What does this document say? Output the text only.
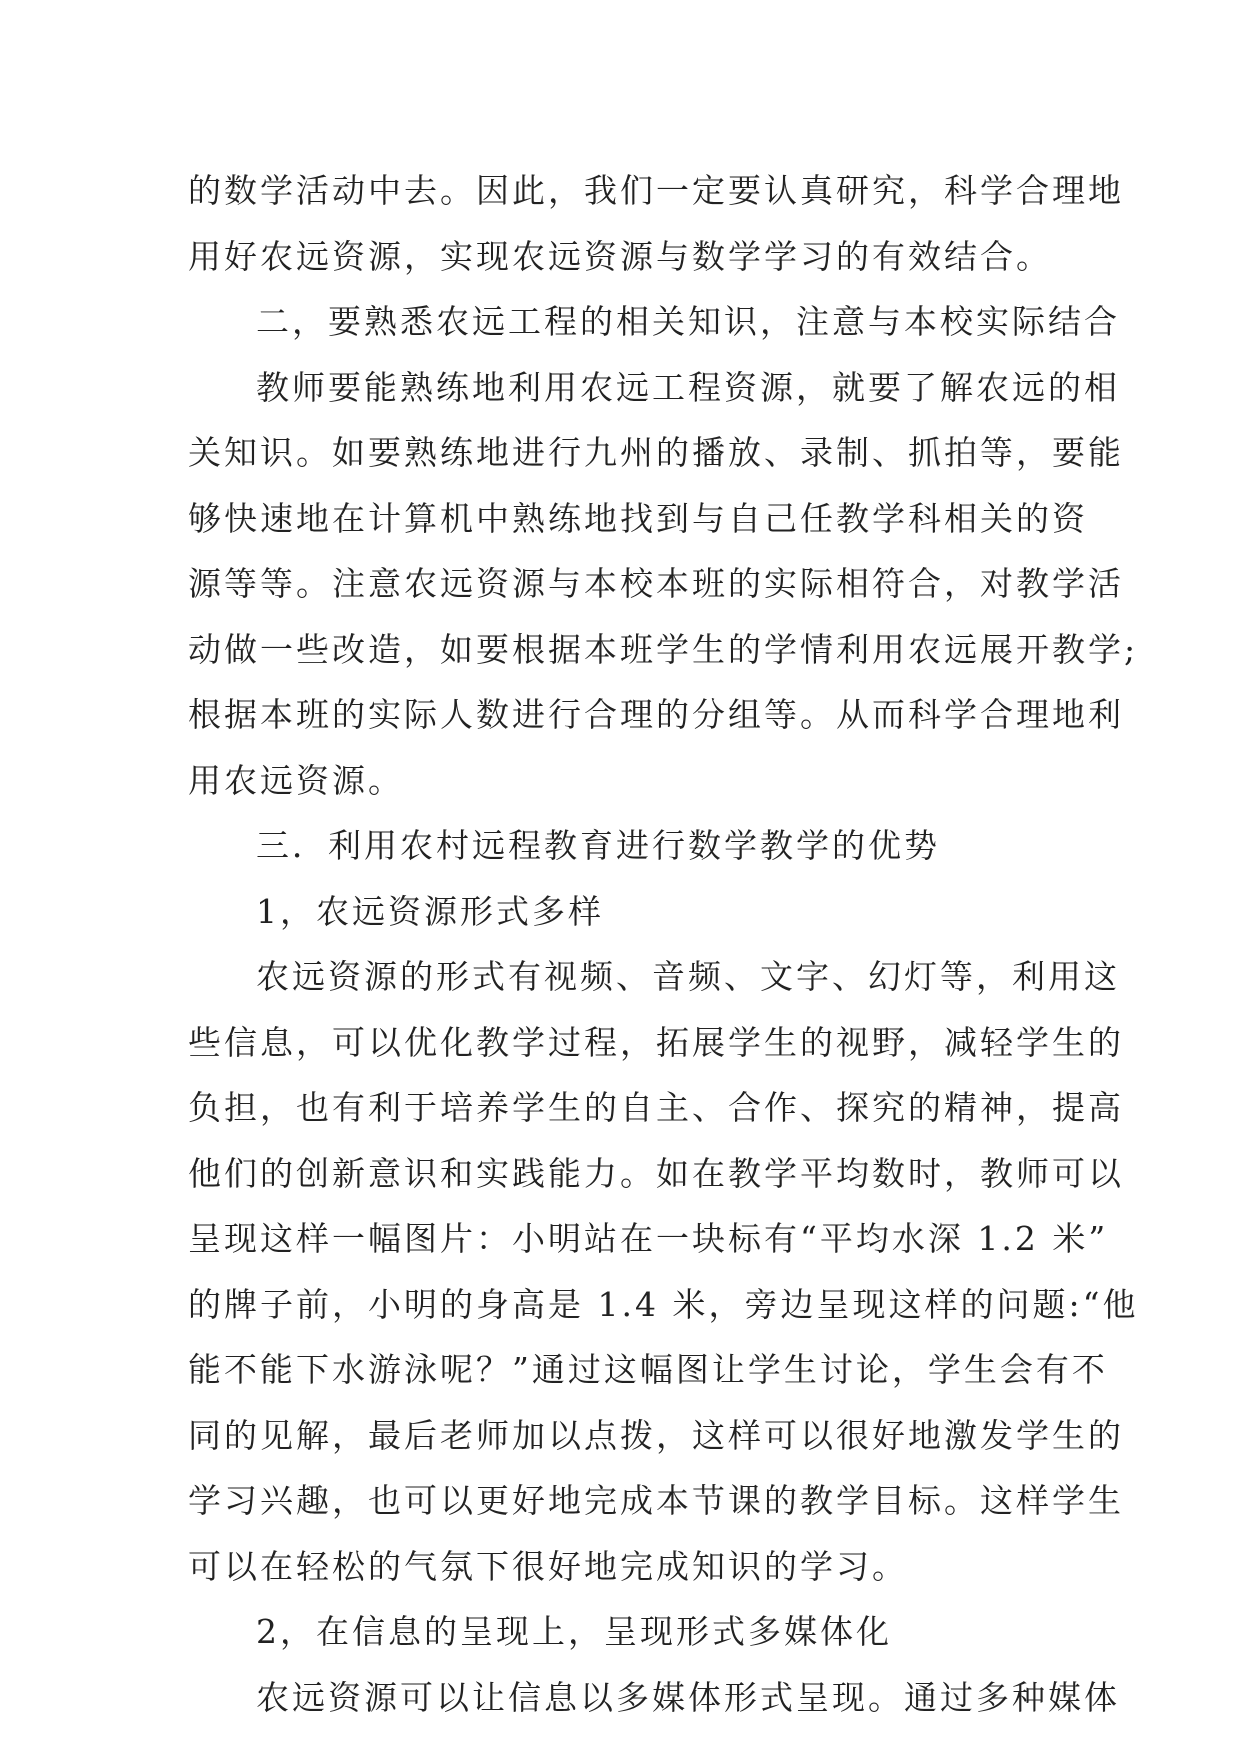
的数学活动中去。因此，我们一定要认真研究，科学合理地
用好农远资源，实现农远资源与数学学习的有效结合。
二，要熟悉农远工程的相关知识，注意与本校实际结合
教师要能熟练地利用农远工程资源，就要了解农远的相
关知识。如要熟练地进行九州的播放、录制、抓拍等，要能
够快速地在计算机中熟练地找到与自己任教学科相关的资
源等等。注意农远资源与本校本班的实际相符合，对教学活
动做一些改造，如要根据本班学生的学情利用农远展开教学;
根据本班的实际人数进行合理的分组等。从而科学合理地利
用农远资源。
三．利用农村远程教育进行数学教学的优势
1，农远资源形式多样
农远资源的形式有视频、音频、文字、幻灯等，利用这
些信息，可以优化教学过程，拓展学生的视野，减轻学生的
负担，也有利于培养学生的自主、合作、探究的精神，提高
他们的创新意识和实践能力。如在教学平均数时，教师可以
呈现这样一幅图片：小明站在一块标有“平均水深 1.2 米”
的牌子前，小明的身高是 1.4 米，旁边呈现这样的问题:“他
能不能下水游泳呢？”通过这幅图让学生讨论，学生会有不
同的见解，最后老师加以点拨，这样可以很好地激发学生的
学习兴趣，也可以更好地完成本节课的教学目标。这样学生
可以在轻松的气氛下很好地完成知识的学习。
2，在信息的呈现上，呈现形式多媒体化
农远资源可以让信息以多媒体形式呈现。通过多种媒体
